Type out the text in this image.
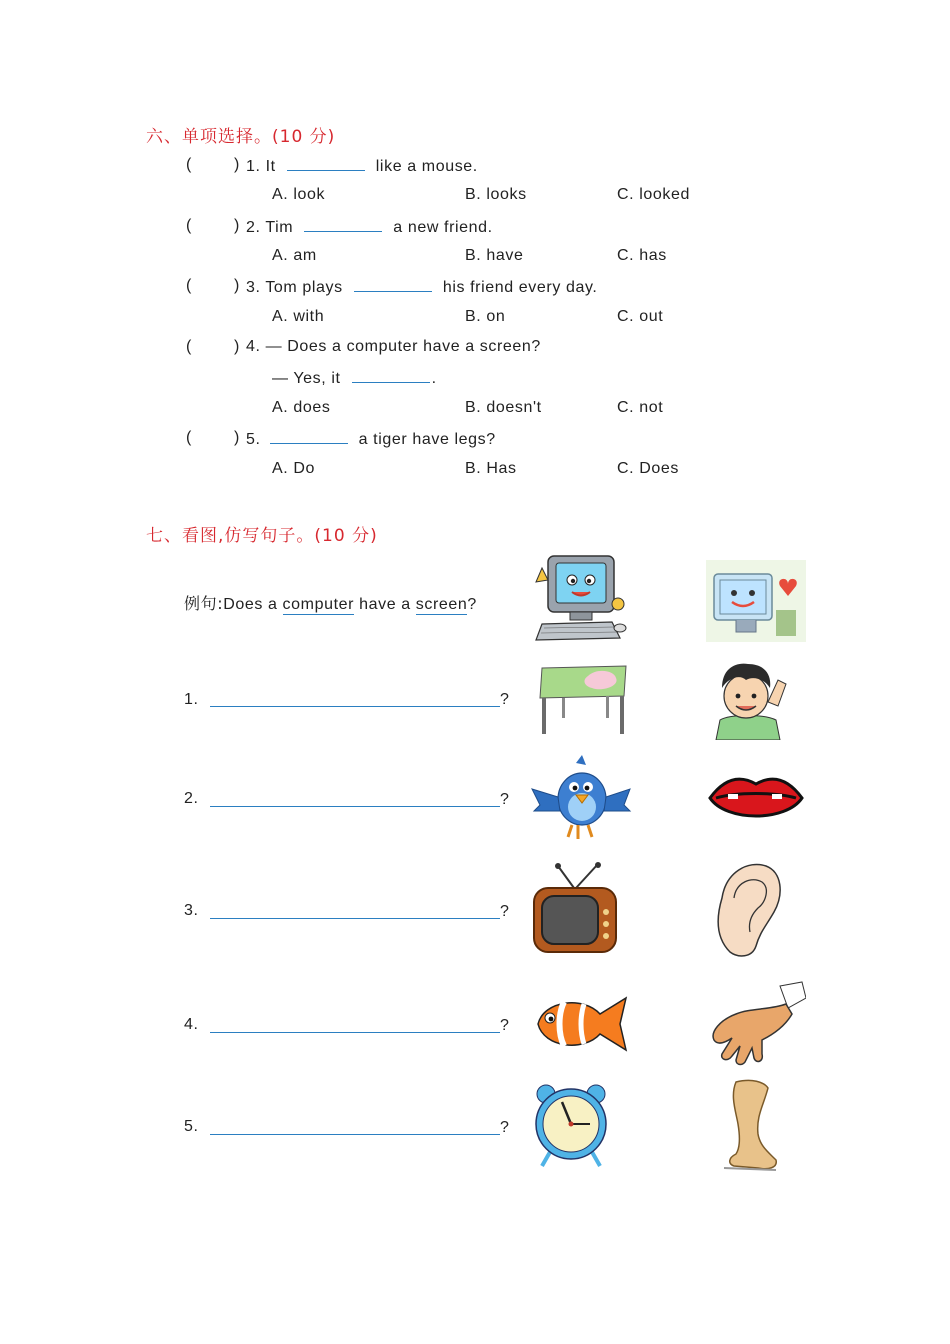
六、单项选择。(10 分)
(	) 1. It	like a mouse.
A. look	B. looks	C. looked
(	) 2. Tim	a new friend.
A. am	B. have	C. has
(	) 3. Tom plays	his friend every day.
A. with	B. on	C. out
(	) 4. — Does a computer have a screen?
— Yes, it	.
A. does	B. doesn't	C. not
(	) 5.	a tiger have legs?
A. Do	B. Has	C. Does
七、看图,仿写句子。(10 分)
例句:Does a computer have a screen?
1.	?
2.	?
3.	?
4.	?
5.	?
